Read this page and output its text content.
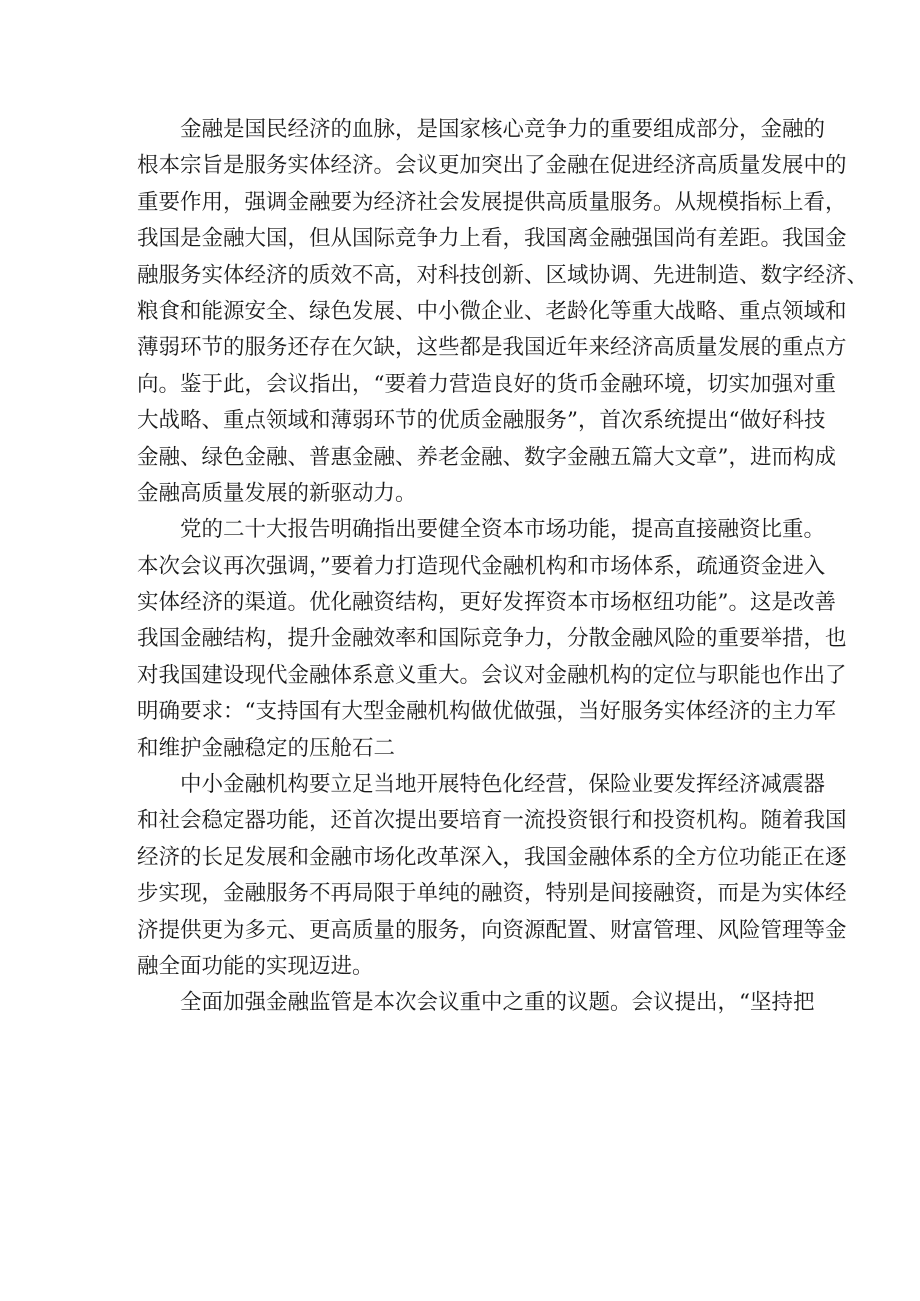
金融是国民经济的血脉，是国家核心竞争力的重要组成部分，金融的
根本宗旨是服务实体经济。会议更加突出了金融在促进经济高质量发展中的
重要作用，强调金融要为经济社会发展提供高质量服务。从规模指标上看，
我国是金融大国，但从国际竞争力上看，我国离金融强国尚有差距。我国金
融服务实体经济的质效不高，对科技创新、区域协调、先进制造、数字经济、
粮食和能源安全、绿色发展、中小微企业、老龄化等重大战略、重点领域和
薄弱环节的服务还存在欠缺，这些都是我国近年来经济高质量发展的重点方
向。鉴于此，会议指出，“要着力营造良好的货币金融环境，切实加强对重
大战略、重点领域和薄弱环节的优质金融服务”，首次系统提出“做好科技
金融、绿色金融、普惠金融、养老金融、数字金融五篇大文章”，进而构成
金融高质量发展的新驱动力。
党的二十大报告明确指出要健全资本市场功能，提高直接融资比重。
本次会议再次强调，”要着力打造现代金融机构和市场体系，疏通资金进入
实体经济的渠道。优化融资结构，更好发挥资本市场枢纽功能”。这是改善
我国金融结构，提升金融效率和国际竞争力，分散金融风险的重要举措，也
对我国建设现代金融体系意义重大。会议对金融机构的定位与职能也作出了
明确要求：“支持国有大型金融机构做优做强，当好服务实体经济的主力军
和维护金融稳定的压舱石二
中小金融机构要立足当地开展特色化经营，保险业要发挥经济减震器
和社会稳定器功能，还首次提出要培育一流投资银行和投资机构。随着我国
经济的长足发展和金融市场化改革深入，我国金融体系的全方位功能正在逐
步实现，金融服务不再局限于单纯的融资，特别是间接融资，而是为实体经
济提供更为多元、更高质量的服务，向资源配置、财富管理、风险管理等金
融全面功能的实现迈进。
全面加强金融监管是本次会议重中之重的议题。会议提出，“坚持把
